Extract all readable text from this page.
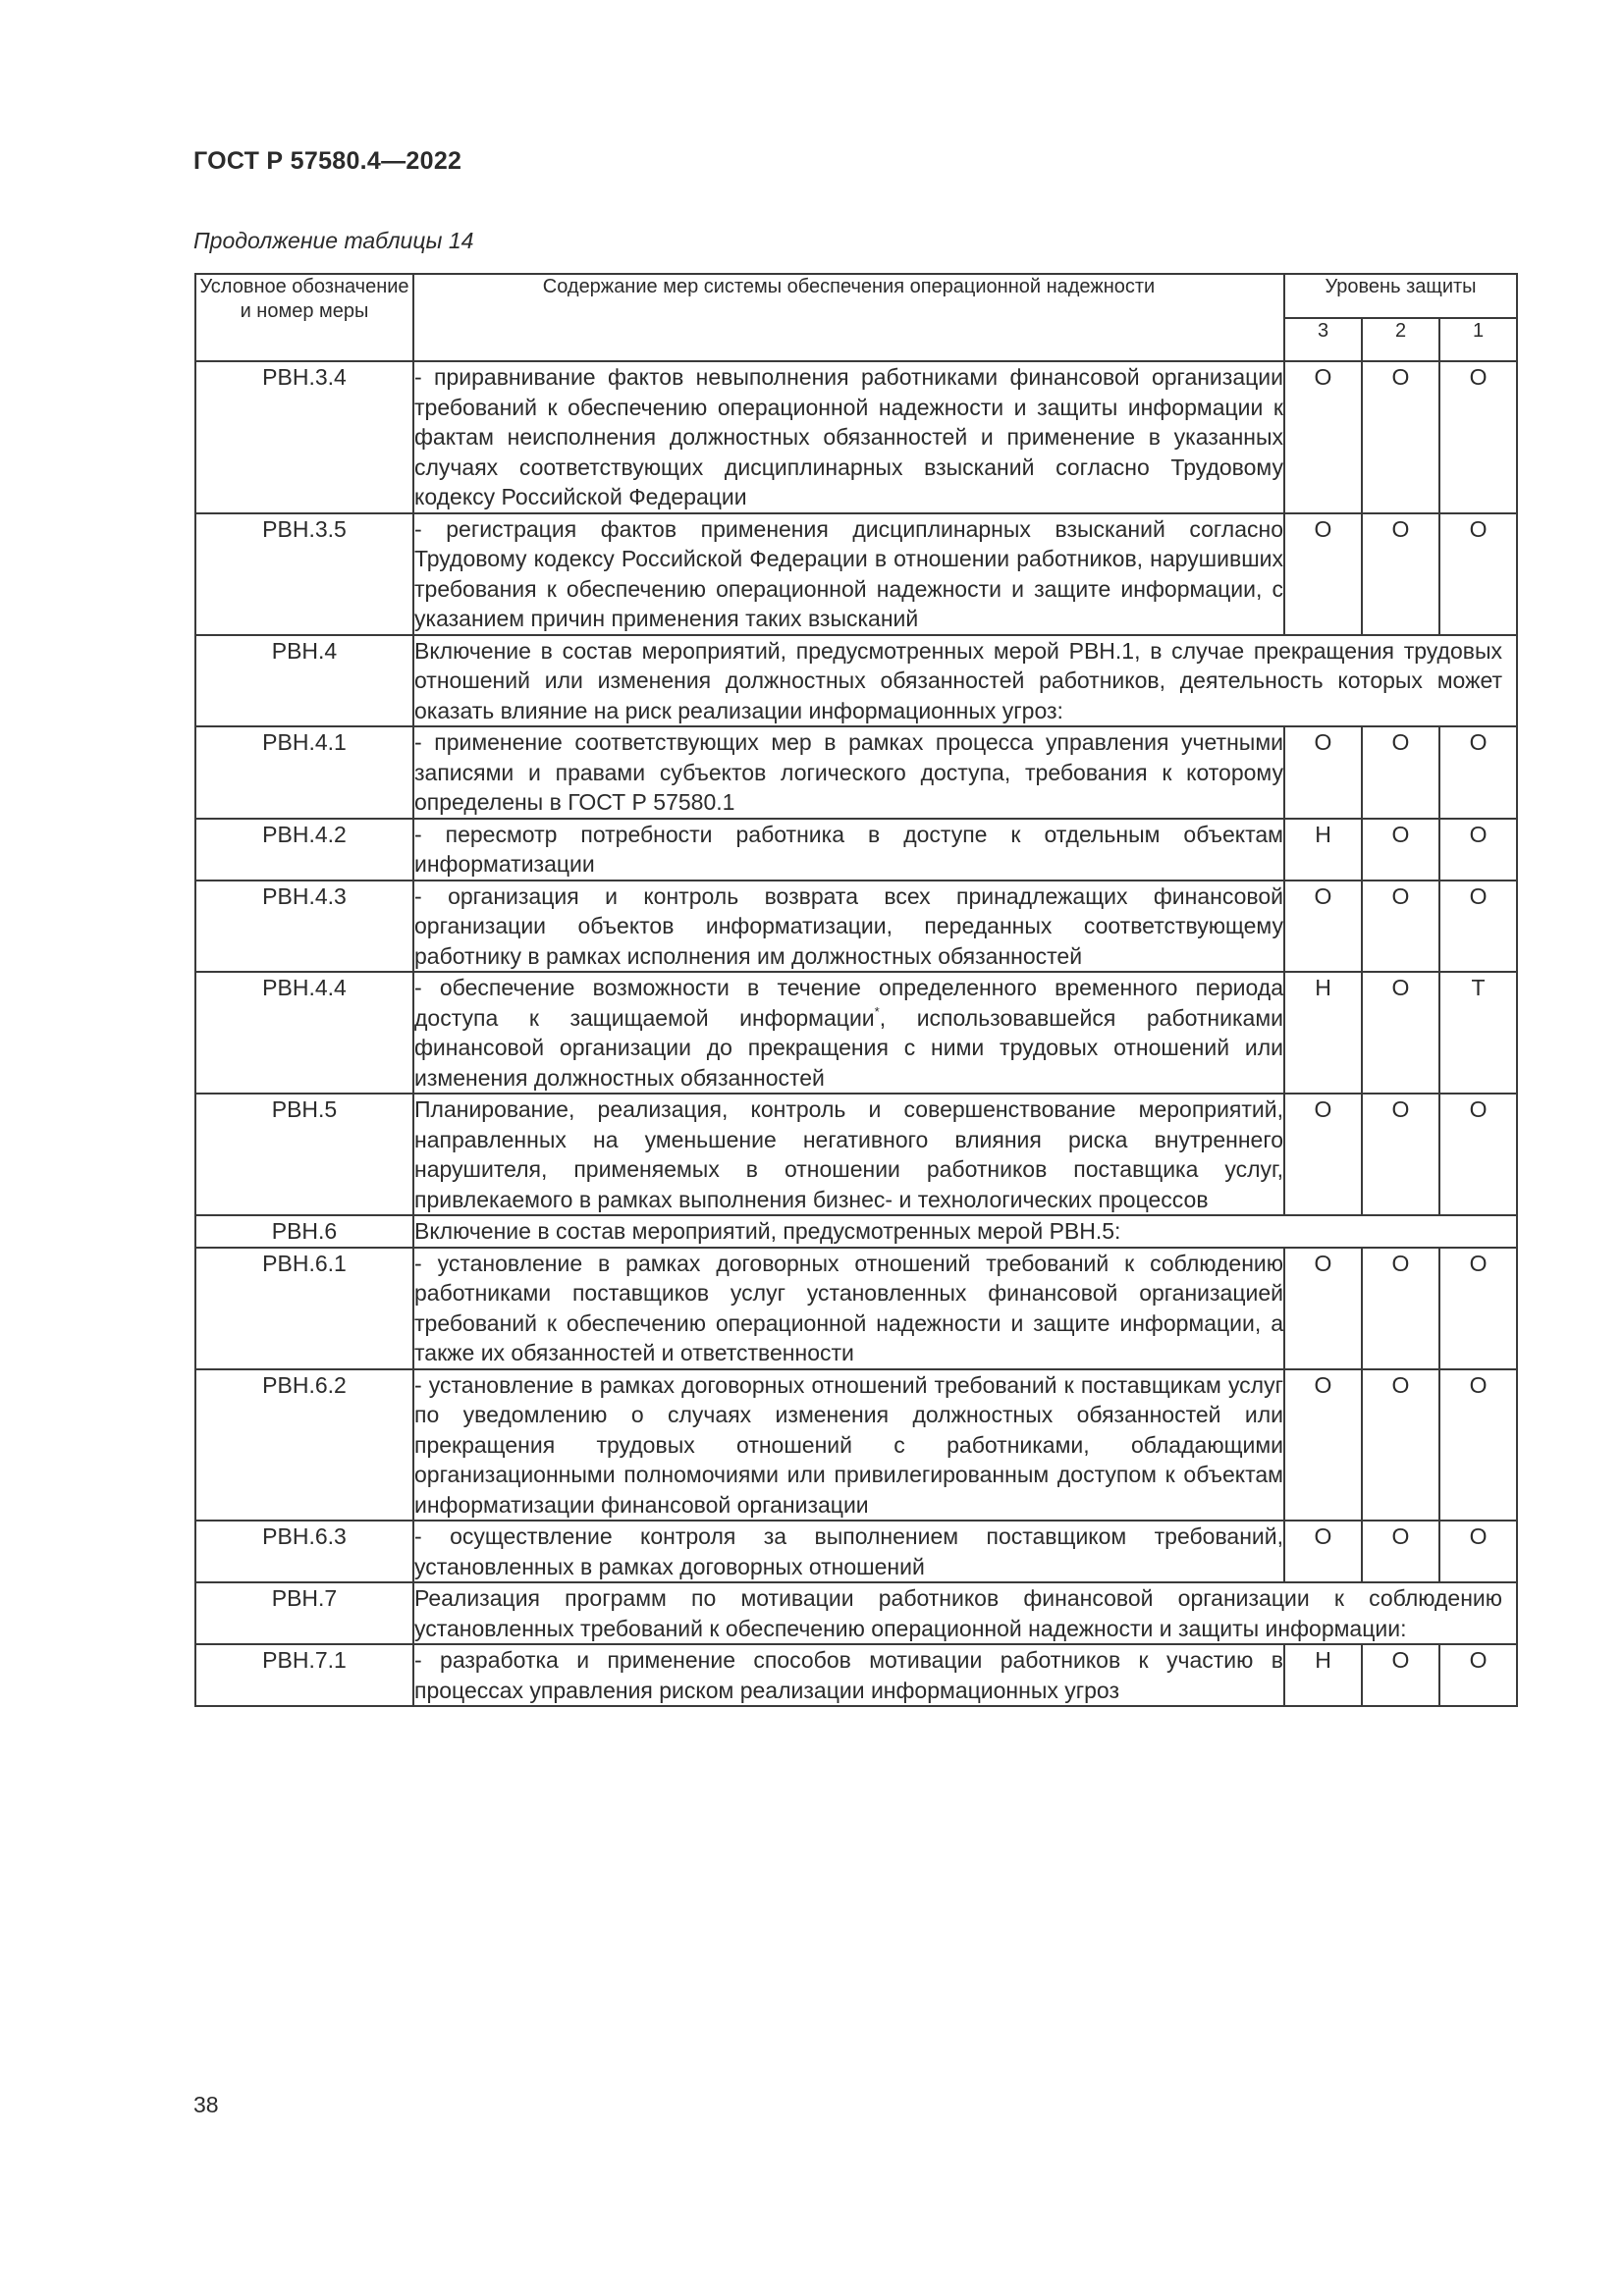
ГОСТ Р 57580.4—2022
Продолжение таблицы 14
Условное обозначение и номер меры	Содержание мер системы обеспечения операционной надежности	Уровень защиты		
		3	2	1
РВН.3.4	- приравнивание фактов невыполнения работниками финансовой организации требований к обеспечению операционной надежности и защиты информации к фактам неисполнения должностных обязанностей и применение в указанных случаях соответствующих дисциплинарных взысканий согласно Трудовому кодексу Российской Федерации	О	О	О
РВН.3.5	- регистрация фактов применения дисциплинарных взысканий согласно Трудовому кодексу Российской Федерации в отношении работников, нарушивших требования к обеспечению операционной надежности и защите информации, с указанием причин применения таких взысканий	О	О	О
РВН.4	Включение в состав мероприятий, предусмотренных мерой РВН.1, в случае прекращения трудовых отношений или изменения должностных обязанностей работников, деятельность которых может оказать влияние на риск реализации информационных угроз:			
РВН.4.1	- применение соответствующих мер в рамках процесса управления учетными записями и правами субъектов логического доступа, требования к которому определены в ГОСТ Р 57580.1	О	О	О
РВН.4.2	- пересмотр потребности работника в доступе к отдельным объектам информатизации	Н	О	О
РВН.4.3	- организация и контроль возврата всех принадлежащих финансовой организации объектов информатизации, переданных соответствующему работнику в рамках исполнения им должностных обязанностей	О	О	О
РВН.4.4	- обеспечение возможности в течение определенного временного периода доступа к защищаемой информации*, использовавшейся работниками финансовой организации до прекращения с ними трудовых отношений или изменения должностных обязанностей	Н	О	Т
РВН.5	Планирование, реализация, контроль и совершенствование мероприятий, направленных на уменьшение негативного влияния риска внутреннего нарушителя, применяемых в отношении работников поставщика услуг, привлекаемого в рамках выполнения бизнес- и технологических процессов	О	О	О
РВН.6	Включение в состав мероприятий, предусмотренных мерой РВН.5:			
РВН.6.1	- установление в рамках договорных отношений требований к соблюдению работниками поставщиков услуг установленных финансовой организацией требований к обеспечению операционной надежности и защите информации, а также их обязанностей и ответственности	О	О	О
РВН.6.2	- установление в рамках договорных отношений требований к поставщикам услуг по уведомлению о случаях изменения должностных обязанностей или прекращения трудовых отношений с работниками, обладающими организационными полномочиями или привилегированным доступом к объектам информатизации финансовой организации	О	О	О
РВН.6.3	- осуществление контроля за выполнением поставщиком требований, установленных в рамках договорных отношений	О	О	О
РВН.7	Реализация программ по мотивации работников финансовой организации к соблюдению установленных требований к обеспечению операционной надежности и защиты информации:			
РВН.7.1	- разработка и применение способов мотивации работников к участию в процессах управления риском реализации информационных угроз	Н	О	О
38
